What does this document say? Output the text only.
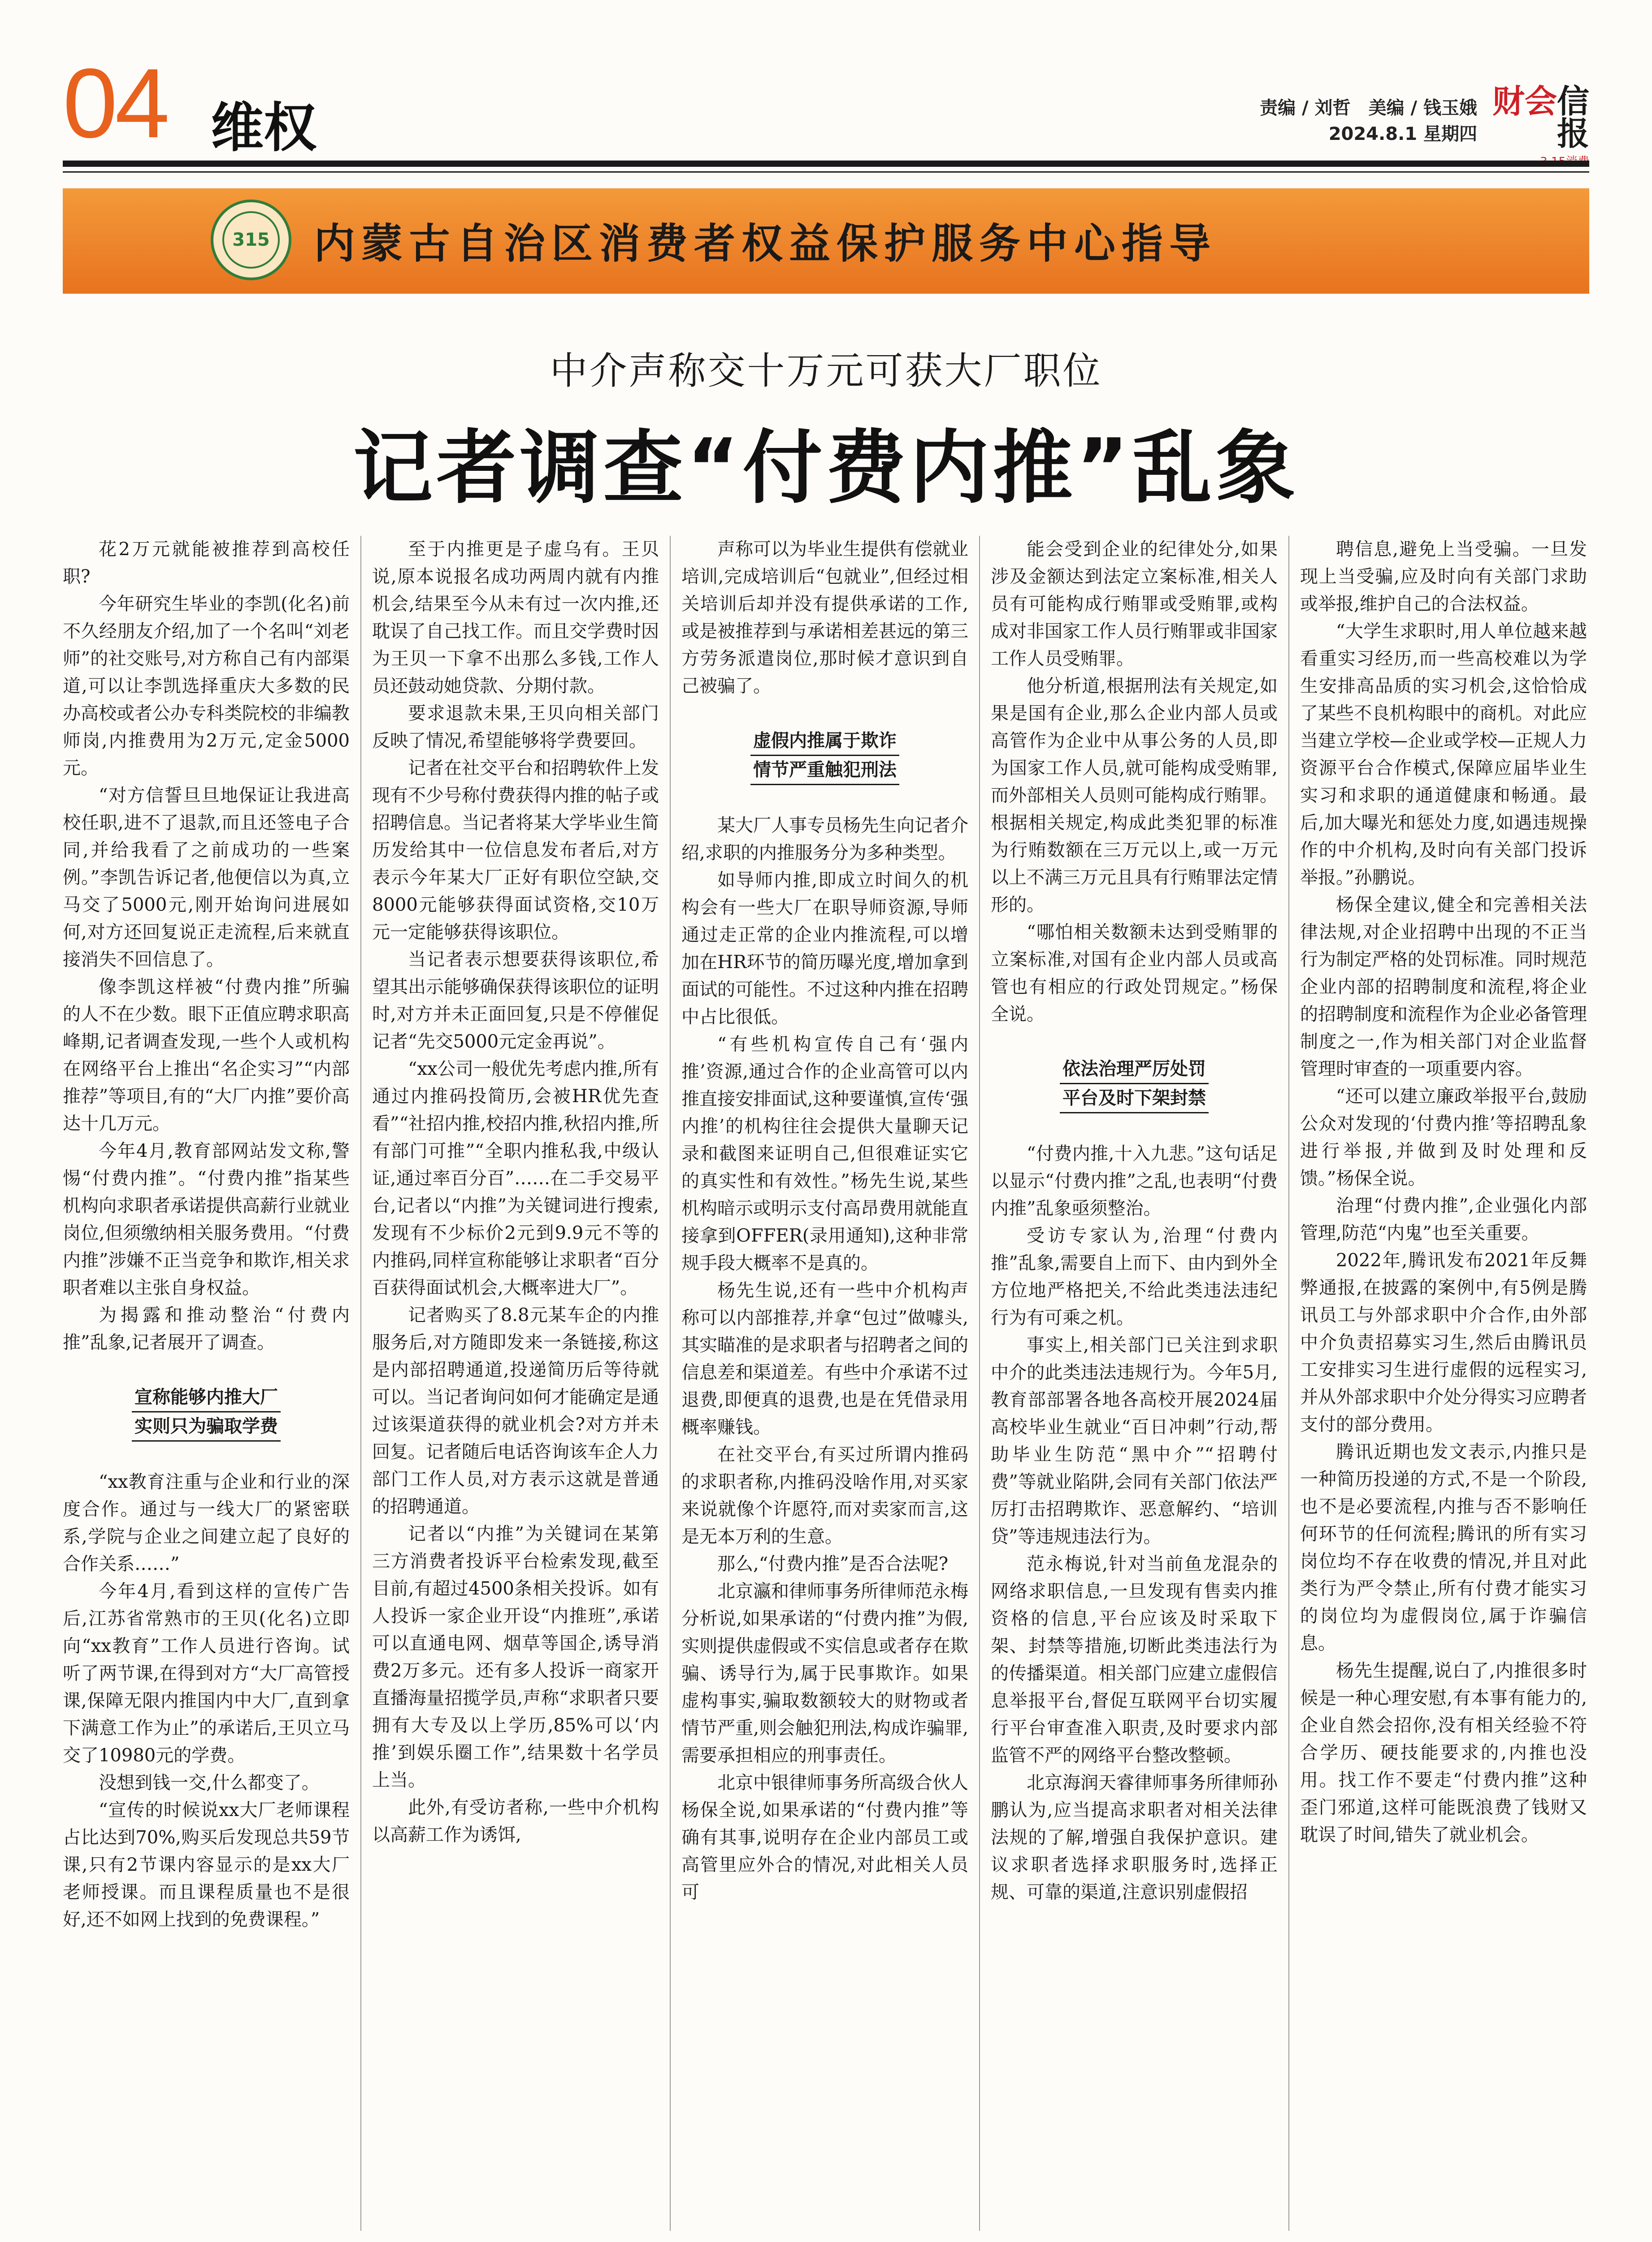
04 维权	责编 / 刘哲　美编 / 钱玉娥
2024.8.1 星期四
财会信报
315 内蒙古自治区消费者权益保护服务中心指导
中介声称交十万元可获大厂职位
记者调查“付费内推”乱象

花2万元就能被推荐到高校任职?

今年研究生毕业的李凯(化名)前不久经朋友介绍,加了一个名叫“刘老师”的社交账号,对方称自己有内部渠道,可以让李凯选择重庆大多数的民办高校或者公办专科类院校的非编教师岗,内推费用为2万元,定金5000元。

“对方信誓旦旦地保证让我进高校任职,进不了退款,而且还签电子合同,并给我看了之前成功的一些案例。”李凯告诉记者,他便信以为真,立马交了5000元,刚开始询问进展如何,对方还回复说正走流程,后来就直接消失不回信息了。

像李凯这样被“付费内推”所骗的人不在少数。眼下正值应聘求职高峰期,记者调查发现,一些个人或机构在网络平台上推出“名企实习”“内部推荐”等项目,有的“大厂内推”要价高达十几万元。

今年4月,教育部网站发文称,警惕“付费内推”。“付费内推”指某些机构向求职者承诺提供高薪行业就业岗位,但须缴纳相关服务费用。“付费内推”涉嫌不正当竞争和欺诈,相关求职者难以主张自身权益。

为揭露和推动整治“付费内推”乱象,记者展开了调查。

宣称能够内推大厂
实则只为骗取学费

“xx教育注重与企业和行业的深度合作。通过与一线大厂的紧密联系,学院与企业之间建立起了良好的合作关系……”

今年4月,看到这样的宣传广告后,江苏省常熟市的王贝(化名)立即向“xx教育”工作人员进行咨询。试听了两节课,在得到对方“大厂高管授课,保障无限内推国内中大厂,直到拿下满意工作为止”的承诺后,王贝立马交了10980元的学费。

没想到钱一交,什么都变了。

“宣传的时候说xx大厂老师课程占比达到70%,购买后发现总共59节课,只有2节课内容显示的是xx大厂老师授课。而且课程质量也不是很好,还不如网上找到的免费课程。”

至于内推更是子虚乌有。王贝说,原本说报名成功两周内就有内推机会,结果至今从未有过一次内推,还耽误了自己找工作。而且交学费时因为王贝一下拿不出那么多钱,工作人员还鼓动她贷款、分期付款。

要求退款未果,王贝向相关部门反映了情况,希望能够将学费要回。

记者在社交平台和招聘软件上发现有不少号称付费获得内推的帖子或招聘信息。当记者将某大学毕业生简历发给其中一位信息发布者后,对方表示今年某大厂正好有职位空缺,交8000元能够获得面试资格,交10万元一定能够获得该职位。

当记者表示想要获得该职位,希望其出示能够确保获得该职位的证明时,对方并未正面回复,只是不停催促记者“先交5000元定金再说”。

“xx公司一般优先考虑内推,所有通过内推码投简历,会被HR优先查看”“社招内推,校招内推,秋招内推,所有部门可推”“全职内推私我,中级认证,通过率百分百”……在二手交易平台,记者以“内推”为关键词进行搜索,发现有不少标价2元到9.9元不等的内推码,同样宣称能够让求职者“百分百获得面试机会,大概率进大厂”。

记者购买了8.8元某车企的内推服务后,对方随即发来一条链接,称这是内部招聘通道,投递简历后等待就可以。当记者询问如何才能确定是通过该渠道获得的就业机会?对方并未回复。记者随后电话咨询该车企人力部门工作人员,对方表示这就是普通的招聘通道。

记者以“内推”为关键词在某第三方消费者投诉平台检索发现,截至目前,有超过4500条相关投诉。如有人投诉一家企业开设“内推班”,承诺可以直通电网、烟草等国企,诱导消费2万多元。还有多人投诉一商家开直播海量招揽学员,声称“求职者只要拥有大专及以上学历,85%可以‘内推’到娱乐圈工作”,结果数十名学员上当。

此外,有受访者称,一些中介机构以高薪工作为诱饵,

声称可以为毕业生提供有偿就业培训,完成培训后“包就业”,但经过相关培训后却并没有提供承诺的工作,或是被推荐到与承诺相差甚远的第三方劳务派遣岗位,那时候才意识到自己被骗了。

虚假内推属于欺诈
情节严重触犯刑法

某大厂人事专员杨先生向记者介绍,求职的内推服务分为多种类型。

如导师内推,即成立时间久的机构会有一些大厂在职导师资源,导师通过走正常的企业内推流程,可以增加在HR环节的简历曝光度,增加拿到面试的可能性。不过这种内推在招聘中占比很低。

“有些机构宣传自己有‘强内推’资源,通过合作的企业高管可以内推直接安排面试,这种要谨慎,宣传‘强内推’的机构往往会提供大量聊天记录和截图来证明自己,但很难证实它的真实性和有效性。”杨先生说,某些机构暗示或明示支付高昂费用就能直接拿到OFFER(录用通知),这种非常规手段大概率不是真的。

杨先生说,还有一些中介机构声称可以内部推荐,并拿“包过”做噱头,其实瞄准的是求职者与招聘者之间的信息差和渠道差。有些中介承诺不过退费,即便真的退费,也是在凭借录用概率赚钱。

在社交平台,有买过所谓内推码的求职者称,内推码没啥作用,对买家来说就像个许愿符,而对卖家而言,这是无本万利的生意。

那么,“付费内推”是否合法呢?

北京瀛和律师事务所律师范永梅分析说,如果承诺的“付费内推”为假,实则提供虚假或不实信息或者存在欺骗、诱导行为,属于民事欺诈。如果虚构事实,骗取数额较大的财物或者情节严重,则会触犯刑法,构成诈骗罪,需要承担相应的刑事责任。

北京中银律师事务所高级合伙人杨保全说,如果承诺的“付费内推”等确有其事,说明存在企业内部员工或高管里应外合的情况,对此相关人员可

能会受到企业的纪律处分,如果涉及金额达到法定立案标准,相关人员有可能构成行贿罪或受贿罪,或构成对非国家工作人员行贿罪或非国家工作人员受贿罪。

他分析道,根据刑法有关规定,如果是国有企业,那么企业内部人员或高管作为企业中从事公务的人员,即为国家工作人员,就可能构成受贿罪,而外部相关人员则可能构成行贿罪。根据相关规定,构成此类犯罪的标准为行贿数额在三万元以上,或一万元以上不满三万元且具有行贿罪法定情形的。

“哪怕相关数额未达到受贿罪的立案标准,对国有企业内部人员或高管也有相应的行政处罚规定。”杨保全说。

依法治理严厉处罚
平台及时下架封禁

“付费内推,十入九悲。”这句话足以显示“付费内推”之乱,也表明“付费内推”乱象亟须整治。

受访专家认为,治理“付费内推”乱象,需要自上而下、由内到外全方位地严格把关,不给此类违法违纪行为有可乘之机。

事实上,相关部门已关注到求职中介的此类违法违规行为。今年5月,教育部部署各地各高校开展2024届高校毕业生就业“百日冲刺”行动,帮助毕业生防范“黑中介”“招聘付费”等就业陷阱,会同有关部门依法严厉打击招聘欺诈、恶意解约、“培训贷”等违规违法行为。

范永梅说,针对当前鱼龙混杂的网络求职信息,一旦发现有售卖内推资格的信息,平台应该及时采取下架、封禁等措施,切断此类违法行为的传播渠道。相关部门应建立虚假信息举报平台,督促互联网平台切实履行平台审查准入职责,及时要求内部监管不严的网络平台整改整顿。

北京海润天睿律师事务所律师孙鹏认为,应当提高求职者对相关法律法规的了解,增强自我保护意识。建议求职者选择求职服务时,选择正规、可靠的渠道,注意识别虚假招

聘信息,避免上当受骗。一旦发现上当受骗,应及时向有关部门求助或举报,维护自己的合法权益。

“大学生求职时,用人单位越来越看重实习经历,而一些高校难以为学生安排高品质的实习机会,这恰恰成了某些不良机构眼中的商机。对此应当建立学校—企业或学校—正规人力资源平台合作模式,保障应届毕业生实习和求职的通道健康和畅通。最后,加大曝光和惩处力度,如遇违规操作的中介机构,及时向有关部门投诉举报。”孙鹏说。

杨保全建议,健全和完善相关法律法规,对企业招聘中出现的不正当行为制定严格的处罚标准。同时规范企业内部的招聘制度和流程,将企业的招聘制度和流程作为企业必备管理制度之一,作为相关部门对企业监督管理时审查的一项重要内容。

“还可以建立廉政举报平台,鼓励公众对发现的‘付费内推’等招聘乱象进行举报,并做到及时处理和反馈。”杨保全说。

治理“付费内推”,企业强化内部管理,防范“内鬼”也至关重要。

2022年,腾讯发布2021年反舞弊通报,在披露的案例中,有5例是腾讯员工与外部求职中介合作,由外部中介负责招募实习生,然后由腾讯员工安排实习生进行虚假的远程实习,并从外部求职中介处分得实习应聘者支付的部分费用。

腾讯近期也发文表示,内推只是一种简历投递的方式,不是一个阶段,也不是必要流程,内推与否不影响任何环节的任何流程;腾讯的所有实习岗位均不存在收费的情况,并且对此类行为严令禁止,所有付费才能实习的岗位均为虚假岗位,属于诈骗信息。

杨先生提醒,说白了,内推很多时候是一种心理安慰,有本事有能力的,企业自然会招你,没有相关经验不符合学历、硬技能要求的,内推也没用。找工作不要走“付费内推”这种歪门邪道,这样可能既浪费了钱财又耽误了时间,错失了就业机会。
